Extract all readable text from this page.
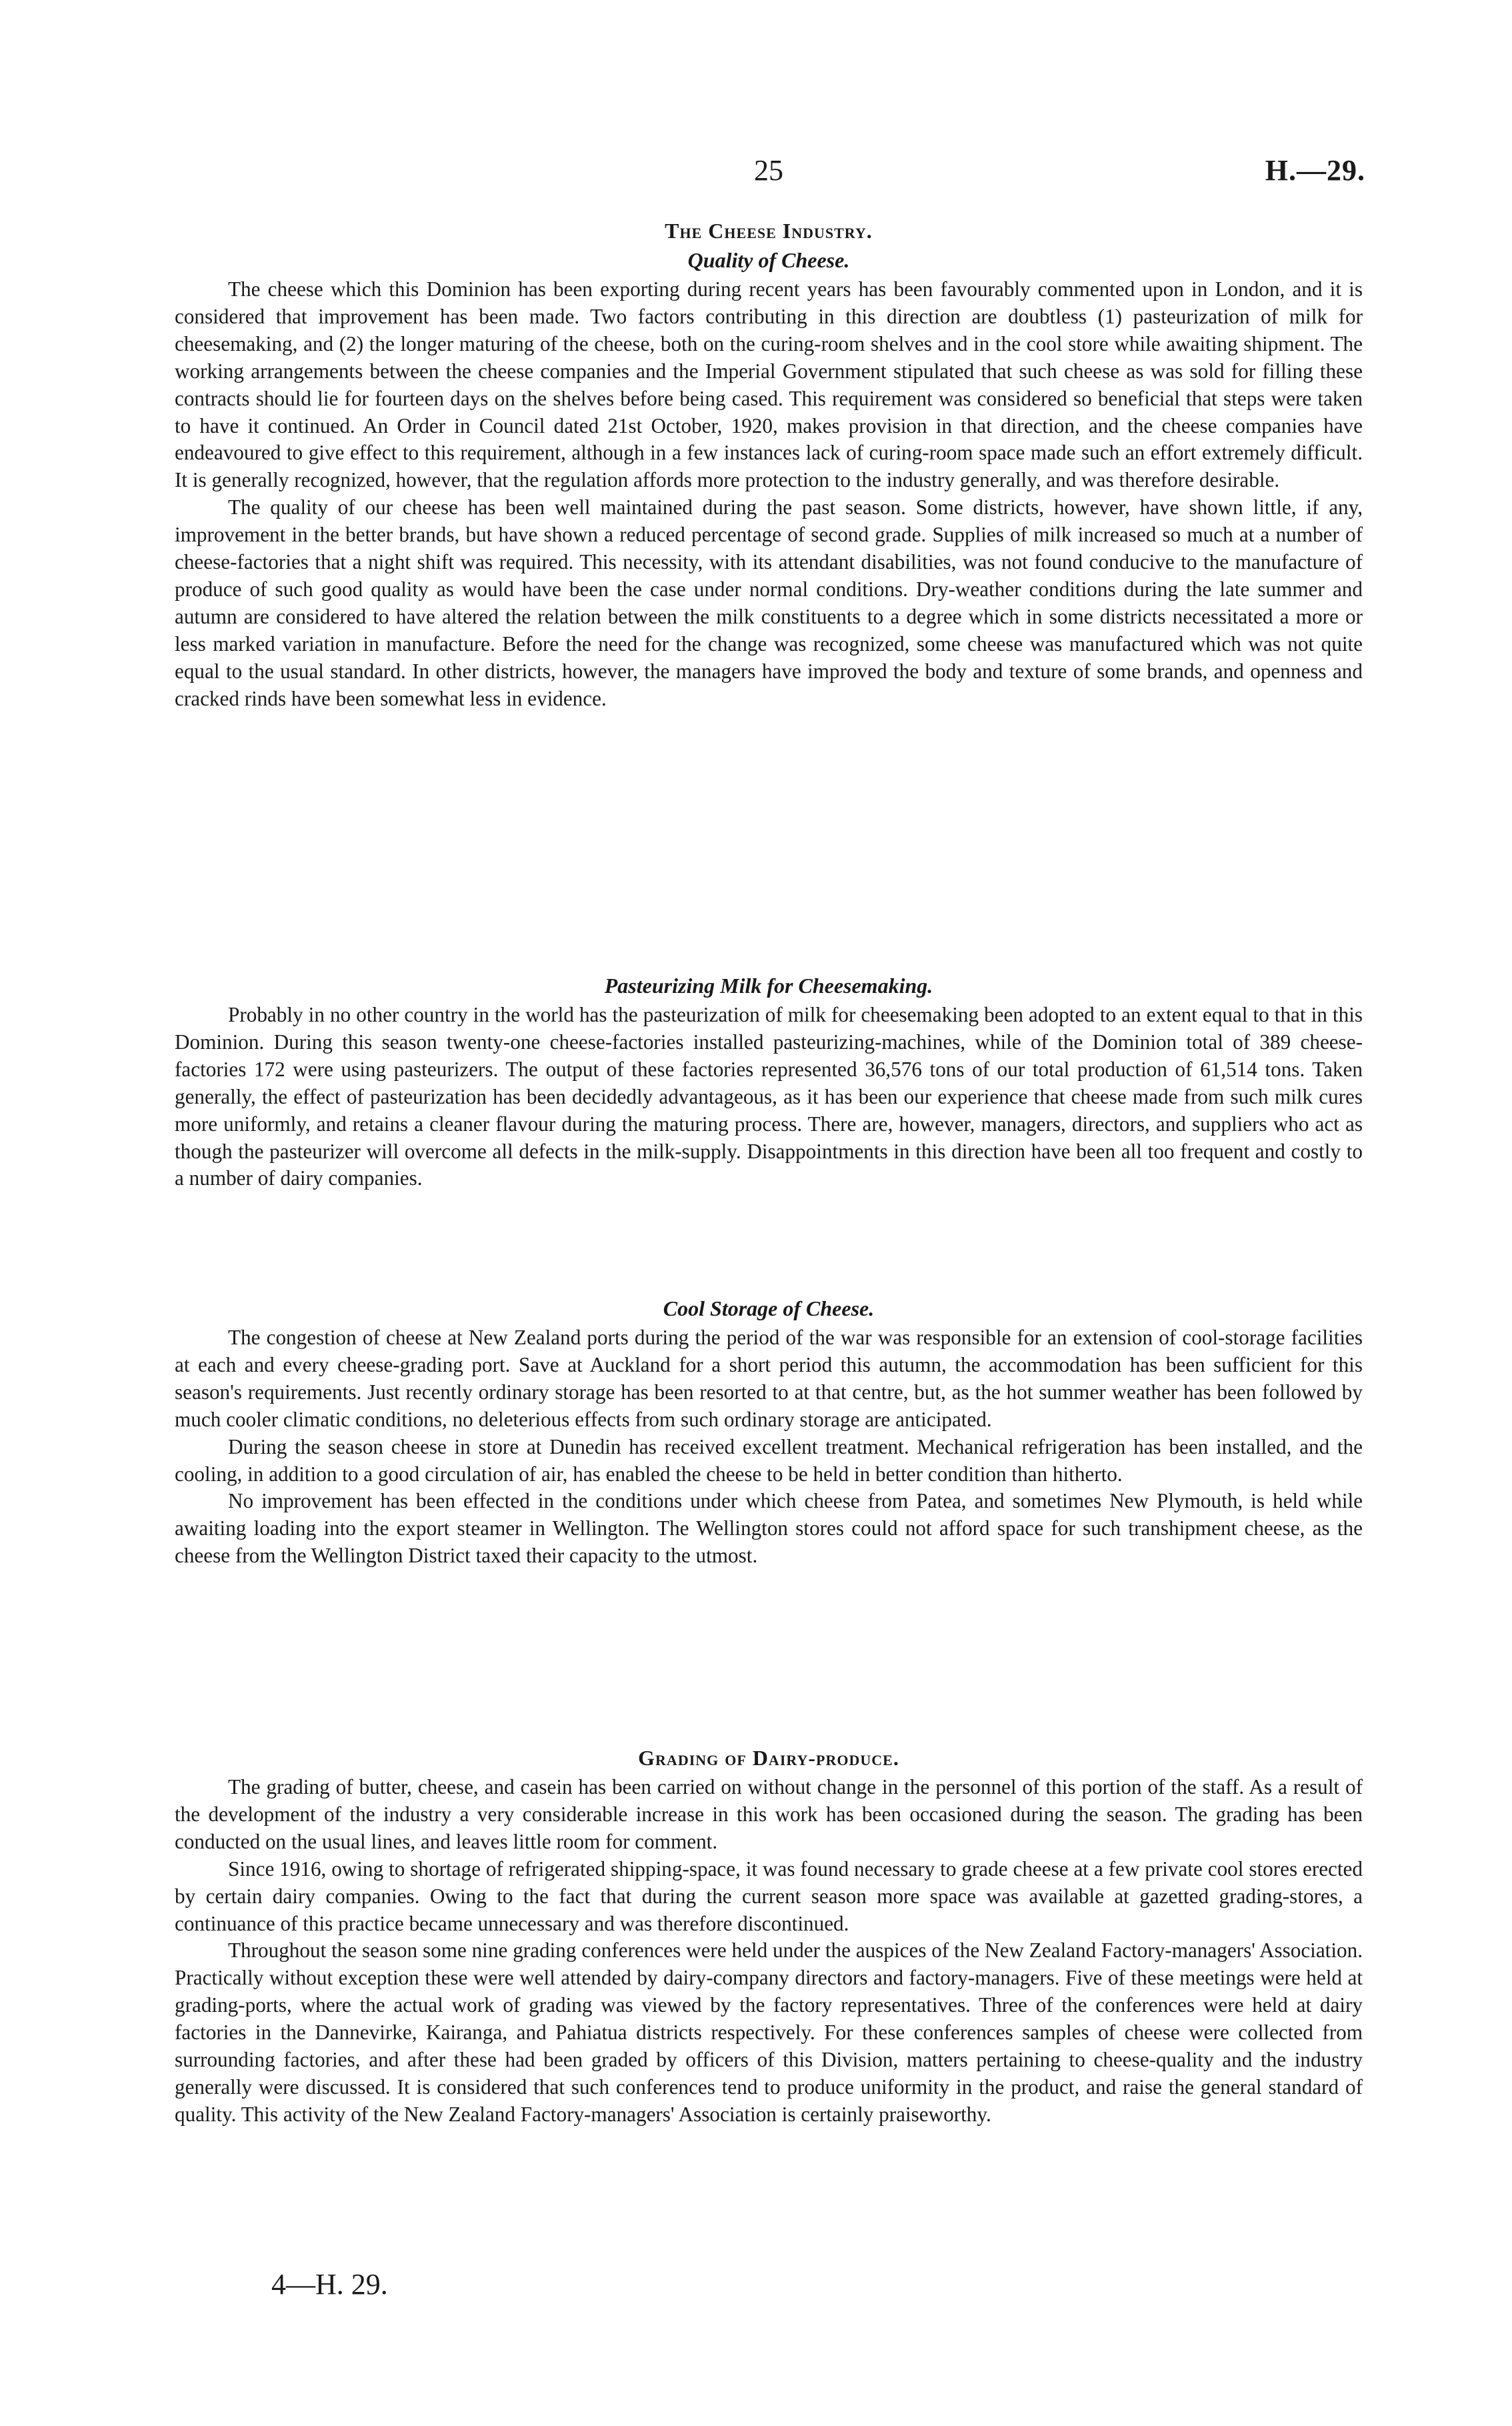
25	H.—29.
The Cheese Industry.
Quality of Cheese.

The cheese which this Dominion has been exporting during recent years has been favourably commented upon in London, and it is considered that improvement has been made. Two factors contributing in this direction are doubtless (1) pasteurization of milk for cheesemaking, and (2) the longer maturing of the cheese, both on the curing-room shelves and in the cool store while awaiting shipment. The working arrangements between the cheese companies and the Imperial Government stipulated that such cheese as was sold for filling these contracts should lie for fourteen days on the shelves before being cased. This requirement was considered so beneficial that steps were taken to have it continued. An Order in Council dated 21st October, 1920, makes provision in that direction, and the cheese companies have endeavoured to give effect to this requirement, although in a few instances lack of curing-room space made such an effort extremely difficult. It is generally recognized, however, that the regulation affords more protection to the industry generally, and was therefore desirable.

The quality of our cheese has been well maintained during the past season. Some districts, however, have shown little, if any, improvement in the better brands, but have shown a reduced percentage of second grade. Supplies of milk increased so much at a number of cheese-factories that a night shift was required. This necessity, with its attendant disabilities, was not found conducive to the manufacture of produce of such good quality as would have been the case under normal conditions. Dry-weather conditions during the late summer and autumn are considered to have altered the relation between the milk constituents to a degree which in some districts necessitated a more or less marked variation in manufacture. Before the need for the change was recognized, some cheese was manufactured which was not quite equal to the usual standard. In other districts, however, the managers have improved the body and texture of some brands, and openness and cracked rinds have been somewhat less in evidence.

Pasteurizing Milk for Cheesemaking.

Probably in no other country in the world has the pasteurization of milk for cheesemaking been adopted to an extent equal to that in this Dominion. During this season twenty-one cheese-factories installed pasteurizing-machines, while of the Dominion total of 389 cheese-factories 172 were using pasteurizers. The output of these factories represented 36,576 tons of our total production of 61,514 tons. Taken generally, the effect of pasteurization has been decidedly advantageous, as it has been our experience that cheese made from such milk cures more uniformly, and retains a cleaner flavour during the maturing process. There are, however, managers, directors, and suppliers who act as though the pasteurizer will overcome all defects in the milk-supply. Disappointments in this direction have been all too frequent and costly to a number of dairy companies.

Cool Storage of Cheese.

The congestion of cheese at New Zealand ports during the period of the war was responsible for an extension of cool-storage facilities at each and every cheese-grading port. Save at Auckland for a short period this autumn, the accommodation has been sufficient for this season's requirements. Just recently ordinary storage has been resorted to at that centre, but, as the hot summer weather has been followed by much cooler climatic conditions, no deleterious effects from such ordinary storage are anticipated.

During the season cheese in store at Dunedin has received excellent treatment. Mechanical refrigeration has been installed, and the cooling, in addition to a good circulation of air, has enabled the cheese to be held in better condition than hitherto.

No improvement has been effected in the conditions under which cheese from Patea, and sometimes New Plymouth, is held while awaiting loading into the export steamer in Wellington. The Wellington stores could not afford space for such transhipment cheese, as the cheese from the Wellington District taxed their capacity to the utmost.

Grading of Dairy-produce.

The grading of butter, cheese, and casein has been carried on without change in the personnel of this portion of the staff. As a result of the development of the industry a very considerable increase in this work has been occasioned during the season. The grading has been conducted on the usual lines, and leaves little room for comment.

Since 1916, owing to shortage of refrigerated shipping-space, it was found necessary to grade cheese at a few private cool stores erected by certain dairy companies. Owing to the fact that during the current season more space was available at gazetted grading-stores, a continuance of this practice became unnecessary and was therefore discontinued.

Throughout the season some nine grading conferences were held under the auspices of the New Zealand Factory-managers' Association. Practically without exception these were well attended by dairy-company directors and factory-managers. Five of these meetings were held at grading-ports, where the actual work of grading was viewed by the factory representatives. Three of the conferences were held at dairy factories in the Dannevirke, Kairanga, and Pahiatua districts respectively. For these conferences samples of cheese were collected from surrounding factories, and after these had been graded by officers of this Division, matters pertaining to cheese-quality and the industry generally were discussed. It is considered that such conferences tend to produce uniformity in the product, and raise the general standard of quality. This activity of the New Zealand Factory-managers' Association is certainly praiseworthy.

4—H. 29.
